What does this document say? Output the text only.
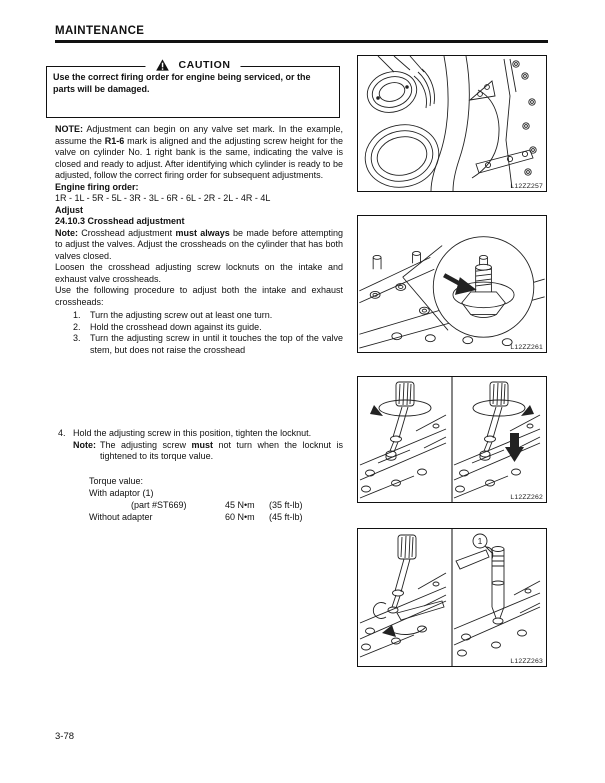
MAINTENANCE
CAUTION
Use the correct firing order for engine being serviced, or the parts will be damaged.

NOTE: Adjustment can begin on any valve set mark. In the example, assume the R1-6 mark is aligned and the adjusting screw height for the valve on cylinder No. 1 right bank is the same, indicating the valve is closed and ready to adjust. After identifying which cylinder is ready to be adjusted, follow the correct firing order for subsequent adjustments.

Engine firing order:

1R - 1L - 5R - 5L - 3R - 3L - 6R - 6L - 2R - 2L - 4R - 4L

Adjust

24.10.3 Crosshead adjustment

Note: Crosshead adjustment must always be made before attempting to adjust the valves. Adjust the crossheads on the cylinder that has both valves closed.

Loosen the crosshead adjusting screw locknuts on the intake and exhaust valve crossheads.

Use the following procedure to adjust both the intake and exhaust crossheads:

1.	Turn the adjusting screw out at least one turn.
2.	Hold the crosshead down against its guide.
3.	Turn the adjusting screw in until it touches the top of the valve stem, but does not raise the crosshead
4. Hold the adjusting screw in this position, tighten the locknut.
Note: The adjusting screw must not turn when the locknut is tightened to its torque value.
Torque value:
With adaptor (1)
(part #ST669)	45 N•m	(35 ft-lb)
Without adapter	60 N•m	(45 ft-lb)
L12ZZ257
L12ZZ261
L12ZZ262
1
L12ZZ263
3-78
